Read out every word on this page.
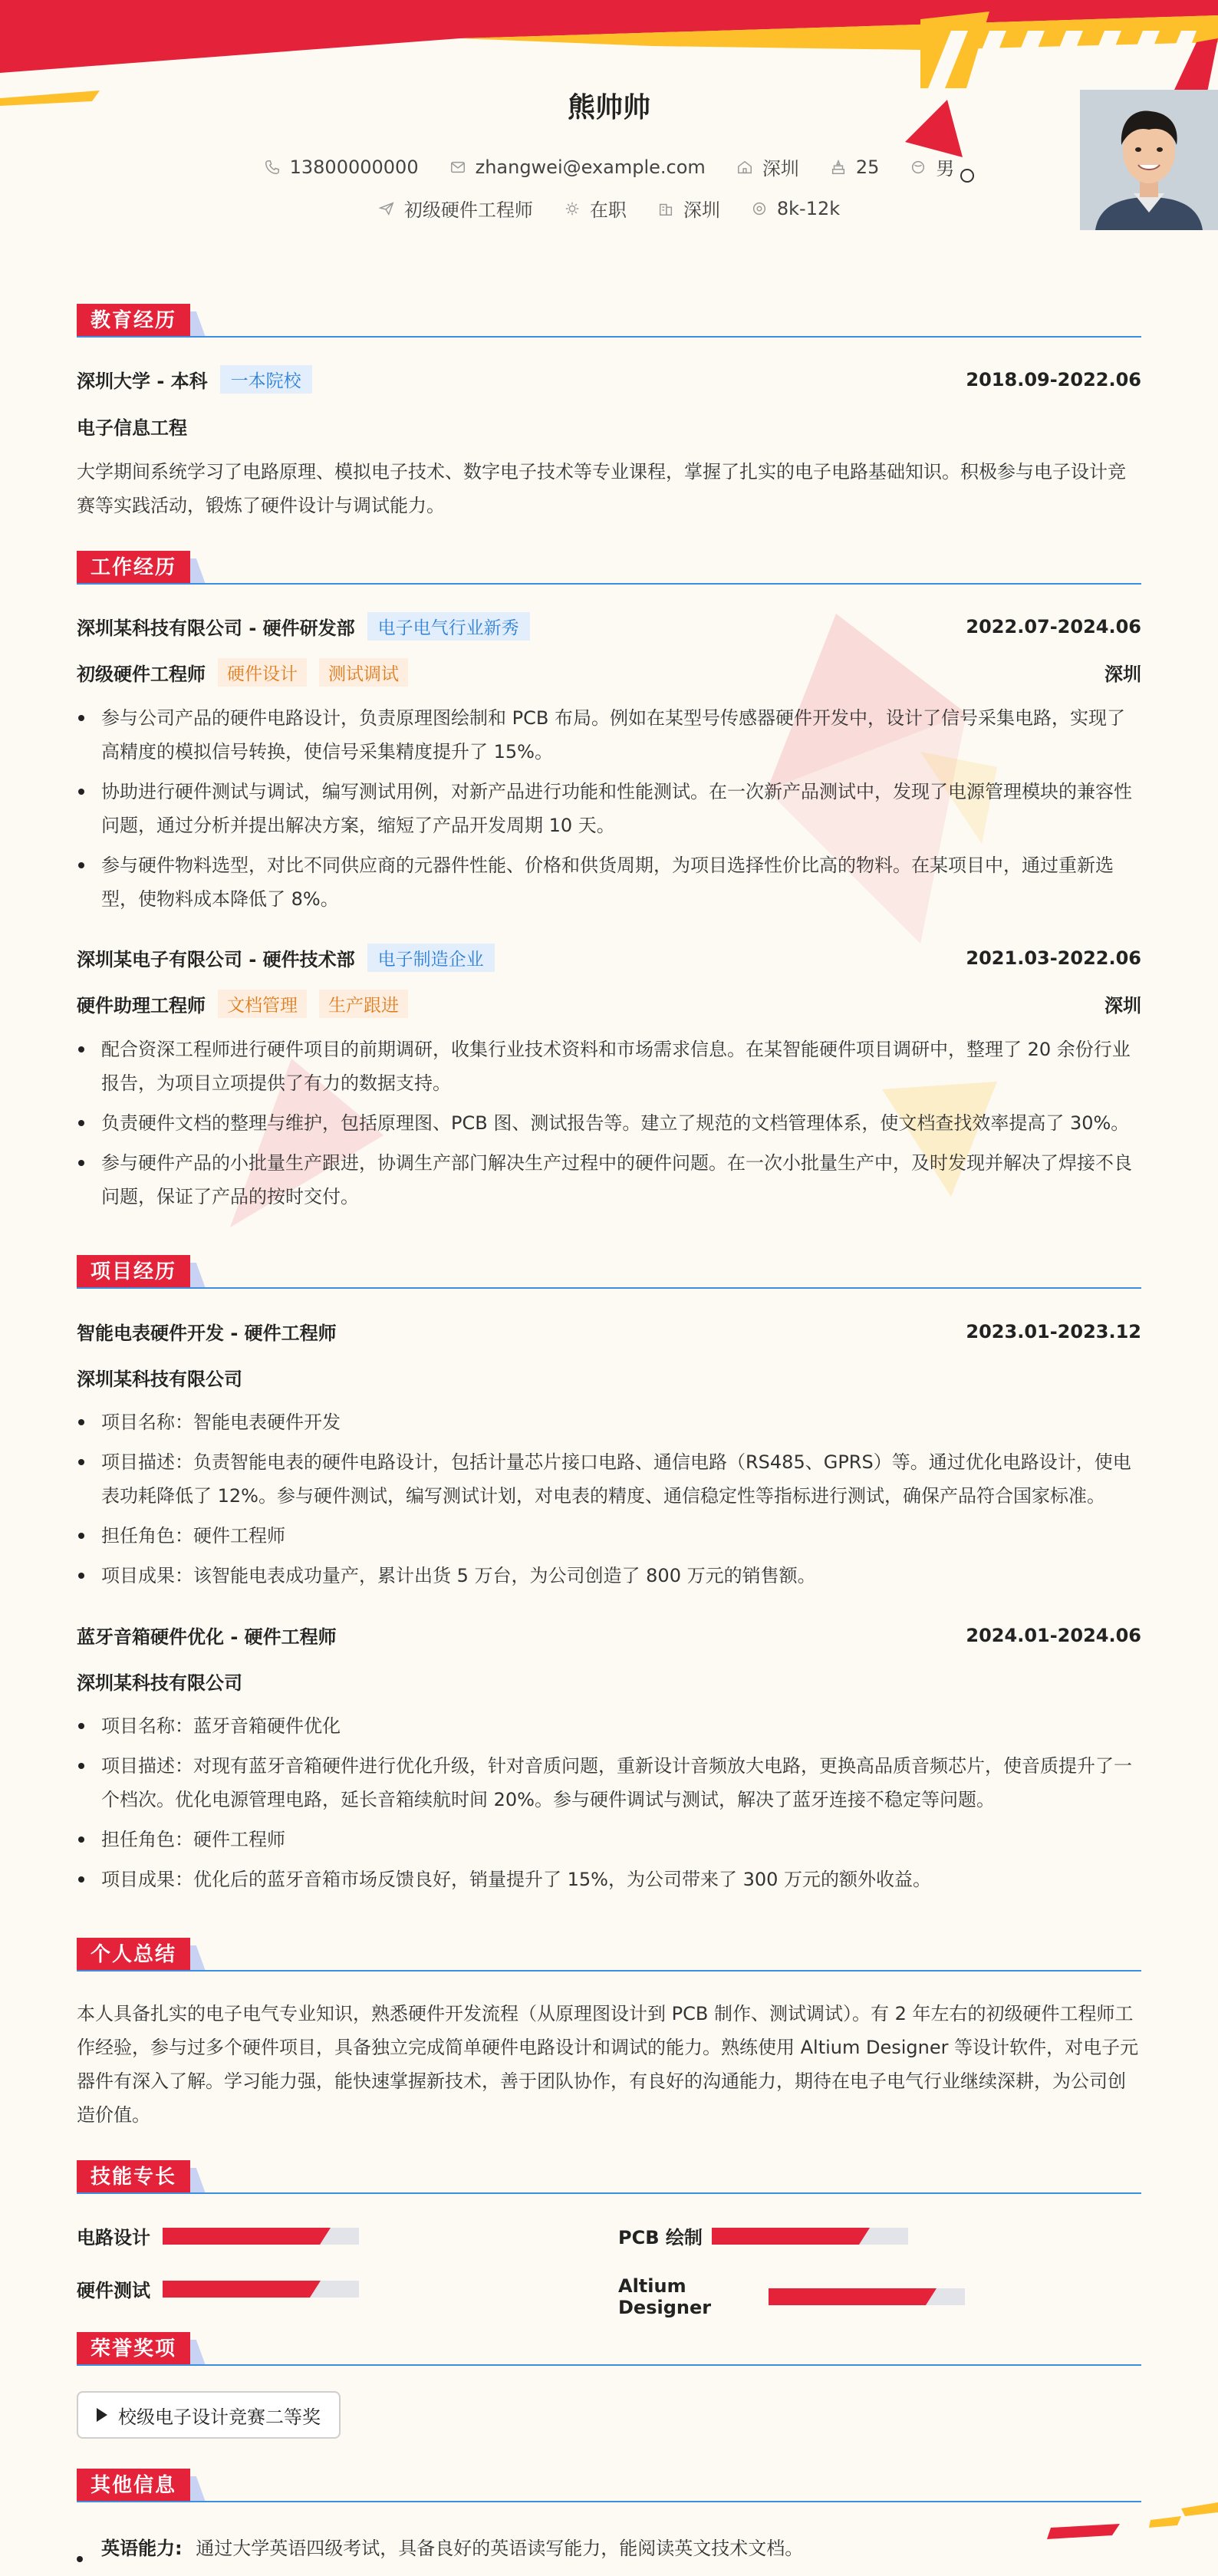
熊帅帅
13800000000	zhangwei@example.com	深圳	25	男
初级硬件工程师	在职	深圳	8k-12k
教育经历
深圳大学 - 本科	一本院校	2018.09-2022.06
电子信息工程

大学期间系统学习了电路原理、模拟电子技术、数字电子技术等专业课程，掌握了扎实的电子电路基础知识。积极参与电子设计竞赛等实践活动，锻炼了硬件设计与调试能力。

工作经历
深圳某科技有限公司 - 硬件研发部	电子电气行业新秀	2022.07-2024.06
初级硬件工程师	硬件设计	测试调试	深圳
参与公司产品的硬件电路设计，负责原理图绘制和 PCB 布局。例如在某型号传感器硬件开发中，设计了信号采集电路，实现了高精度的模拟信号转换，使信号采集精度提升了 15%。
协助进行硬件测试与调试，编写测试用例，对新产品进行功能和性能测试。在一次新产品测试中，发现了电源管理模块的兼容性问题，通过分析并提出解决方案，缩短了产品开发周期 10 天。
参与硬件物料选型，对比不同供应商的元器件性能、价格和供货周期，为项目选择性价比高的物料。在某项目中，通过重新选型，使物料成本降低了 8%。
深圳某电子有限公司 - 硬件技术部	电子制造企业	2021.03-2022.06
硬件助理工程师	文档管理	生产跟进	深圳
配合资深工程师进行硬件项目的前期调研，收集行业技术资料和市场需求信息。在某智能硬件项目调研中，整理了 20 余份行业报告，为项目立项提供了有力的数据支持。
负责硬件文档的整理与维护，包括原理图、PCB 图、测试报告等。建立了规范的文档管理体系，使文档查找效率提高了 30%。
参与硬件产品的小批量生产跟进，协调生产部门解决生产过程中的硬件问题。在一次小批量生产中，及时发现并解决了焊接不良问题，保证了产品的按时交付。
项目经历
智能电表硬件开发 - 硬件工程师	2023.01-2023.12
深圳某科技有限公司
项目名称：智能电表硬件开发
项目描述：负责智能电表的硬件电路设计，包括计量芯片接口电路、通信电路（RS485、GPRS）等。通过优化电路设计，使电表功耗降低了 12%。参与硬件测试，编写测试计划，对电表的精度、通信稳定性等指标进行测试，确保产品符合国家标准。
担任角色：硬件工程师
项目成果：该智能电表成功量产，累计出货 5 万台，为公司创造了 800 万元的销售额。
蓝牙音箱硬件优化 - 硬件工程师	2024.01-2024.06
深圳某科技有限公司
项目名称：蓝牙音箱硬件优化
项目描述：对现有蓝牙音箱硬件进行优化升级，针对音质问题，重新设计音频放大电路，更换高品质音频芯片，使音质提升了一个档次。优化电源管理电路，延长音箱续航时间 20%。参与硬件调试与测试，解决了蓝牙连接不稳定等问题。
担任角色：硬件工程师
项目成果：优化后的蓝牙音箱市场反馈良好，销量提升了 15%，为公司带来了 300 万元的额外收益。
个人总结

本人具备扎实的电子电气专业知识，熟悉硬件开发流程（从原理图设计到 PCB 制作、测试调试）。有 2 年左右的初级硬件工程师工作经验，参与过多个硬件项目，具备独立完成简单硬件电路设计和调试的能力。熟练使用 Altium Designer 等设计软件，对电子元器件有深入了解。学习能力强，能快速掌握新技术，善于团队协作，有良好的沟通能力，期待在电子电气行业继续深耕，为公司创造价值。

技能专长
电路设计	PCB 绘制
硬件测试	Altium Designer
荣誉奖项
校级电子设计竞赛二等奖
其他信息
英语能力: 通过大学英语四级考试，具备良好的英语读写能力，能阅读英文技术文档。
